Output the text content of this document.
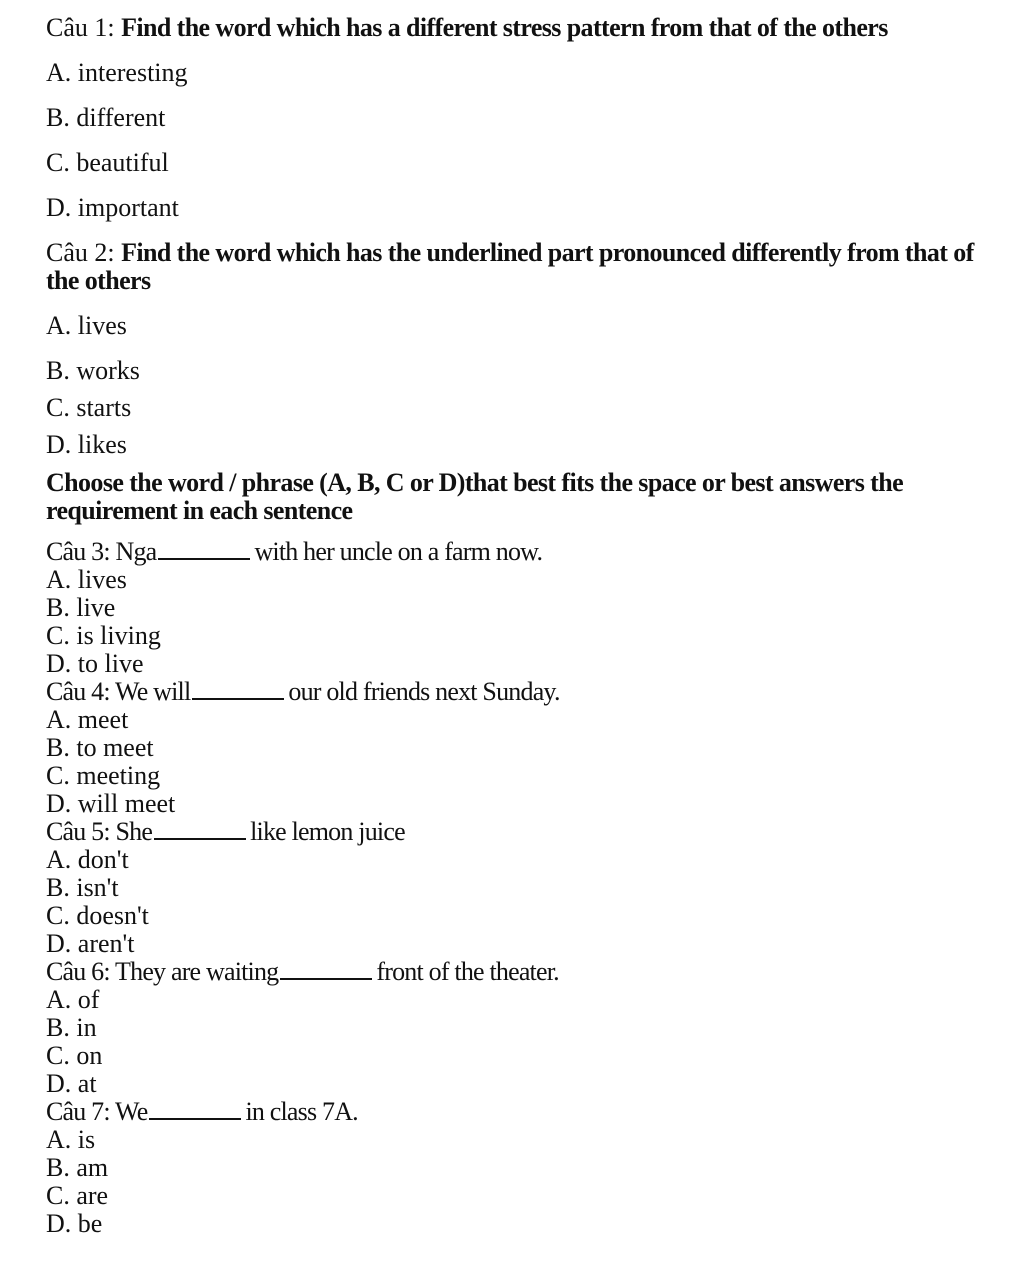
Câu 1: Find the word which has a different stress pattern from that of the others
A. interesting
B. different
C. beautiful
D. important
Câu 2: Find the word which has the underlined part pronounced differently from that of the others
A. lives
B. works
C. starts
D. likes
Choose the word / phrase (A, B, C or D)that best fits the space or best answers the requirement in each sentence
Câu 3: Nga	with her uncle on a farm now.
A. lives
B. live
C. is living
D. to live
Câu 4: We will	our old friends next Sunday.
A. meet
B. to meet
C. meeting
D. will meet
Câu 5: She	like lemon juice
A. don't
B. isn't
C. doesn't
D. aren't
Câu 6: They are waiting	front of the theater.
A. of
B. in
C. on
D. at
Câu 7: We	in class 7A.
A. is
B. am
C. are
D. be
